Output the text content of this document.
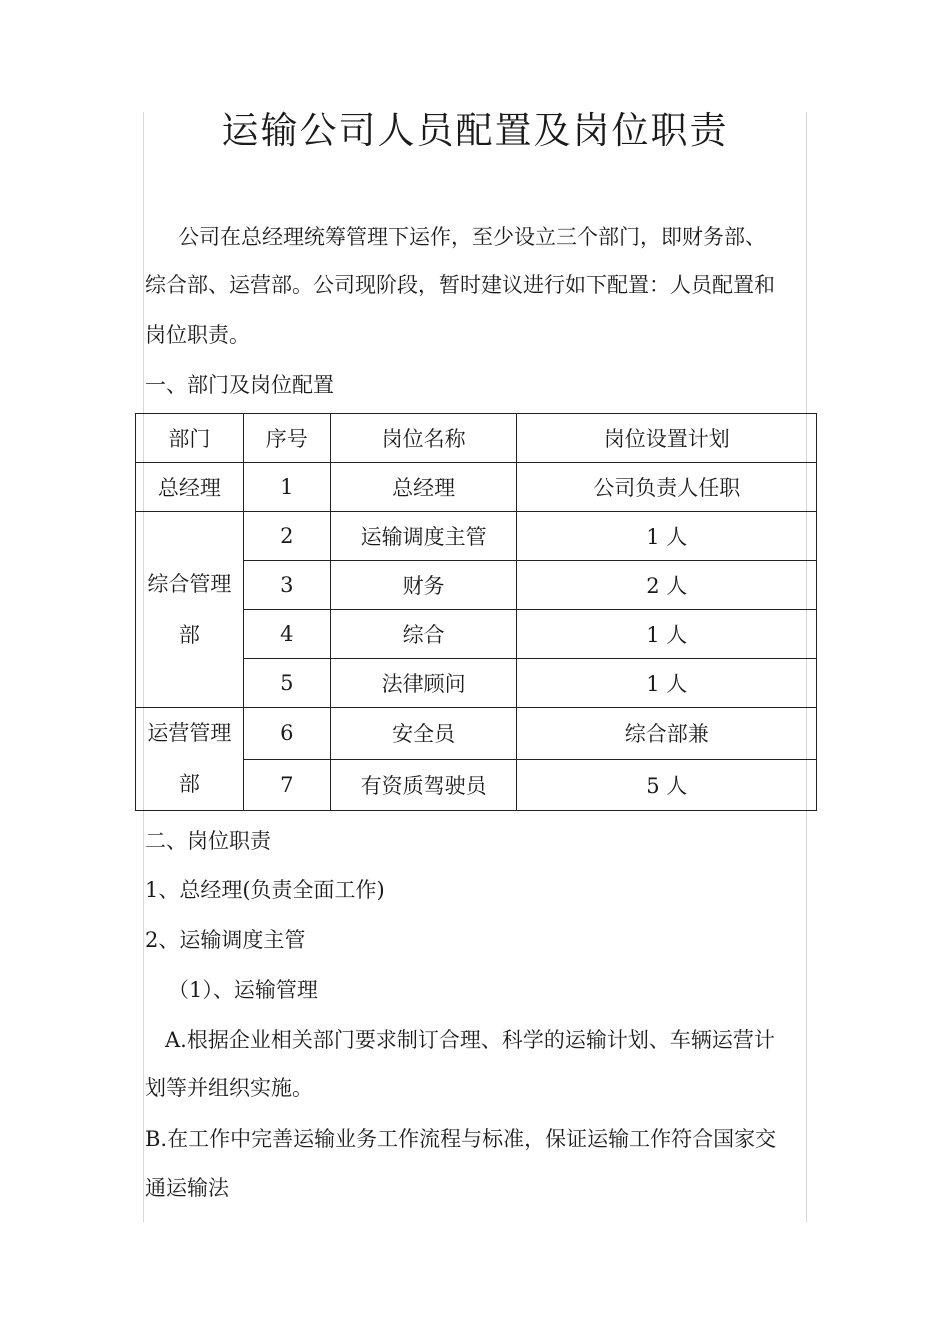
运输公司人员配置及岗位职责
公司在总经理统筹管理下运作，至少设立三个部门，即财务部、
综合部、运营部。公司现阶段，暂时建议进行如下配置：人员配置和
岗位职责。
一、部门及岗位配置
部门	序号	岗位名称	岗位设置计划
总经理	1	总经理	公司负责人任职
综合管理
部	2	运输调度主管	1 人
	3	财务	2 人
	4	综合	1 人
	5	法律顾问	1 人
运营管理
部	6	安全员	综合部兼
	7	有资质驾驶员	5 人
二、岗位职责
1、总经理(负责全面工作)
2、运输调度主管
（1）、运输管理
A.根据企业相关部门要求制订合理、科学的运输计划、车辆运营计
划等并组织实施。
B.在工作中完善运输业务工作流程与标准，保证运输工作符合国家交
通运输法
